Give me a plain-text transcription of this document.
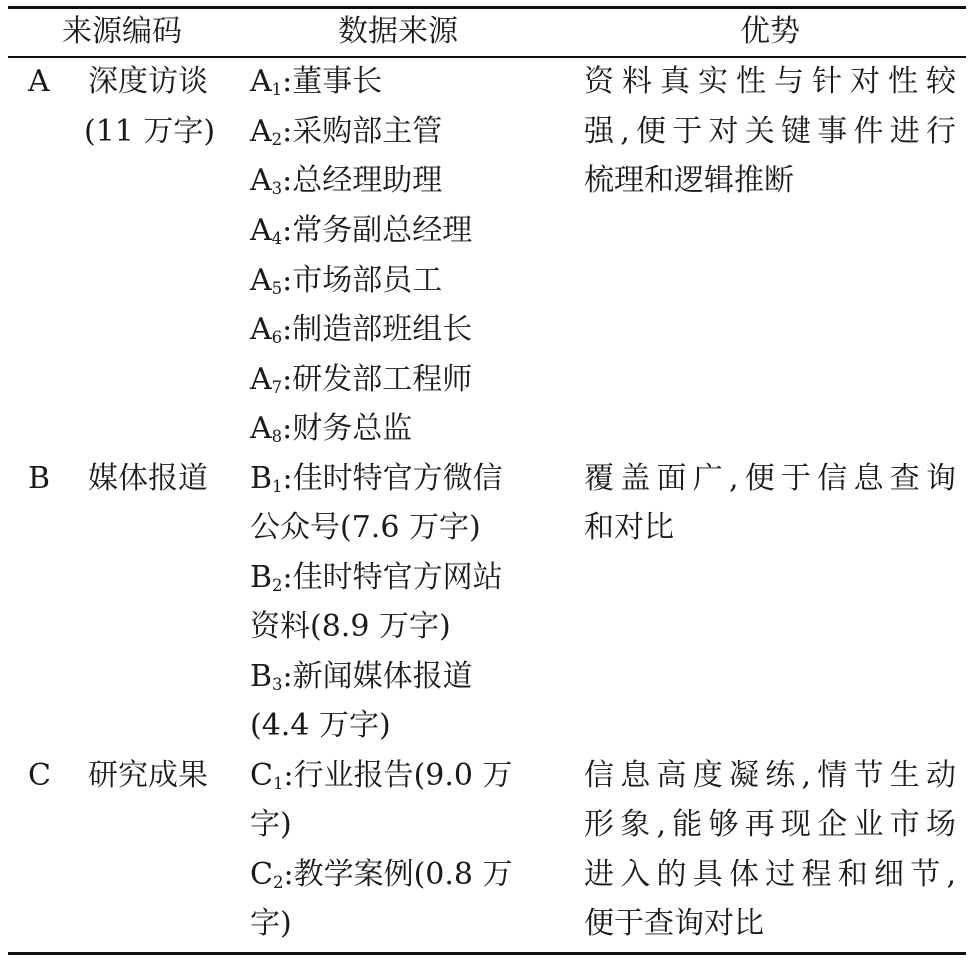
来源编码	数据来源	优势
A 深度访谈
(11 万字)
$A_1$:董事长
$A_2$:采购部主管
$A_3$:总经理助理
$A_4$:常务副总经理
$A_5$:市场部员工
$A_6$:制造部班组长
$A_7$:研发部工程师
$A_8$:财务总监
资料真实性与针对性较
强,便于对关键事件进行
梳理和逻辑推断
B 媒体报道 $B_1$:佳时特官方微信
公众号(7.6 万字)
$B_2$:佳时特官方网站
资料(8.9 万字)
$B_3$:新闻媒体报道
(4.4 万字)
覆盖面广,便于信息查询
和对比
C 研究成果 $C_1$:行业报告(9.0 万
字)
$C_2$:教学案例(0.8 万
字)
信息高度凝练,情节生动
形象,能够再现企业市场
进入的具体过程和细节,
便于查询对比
